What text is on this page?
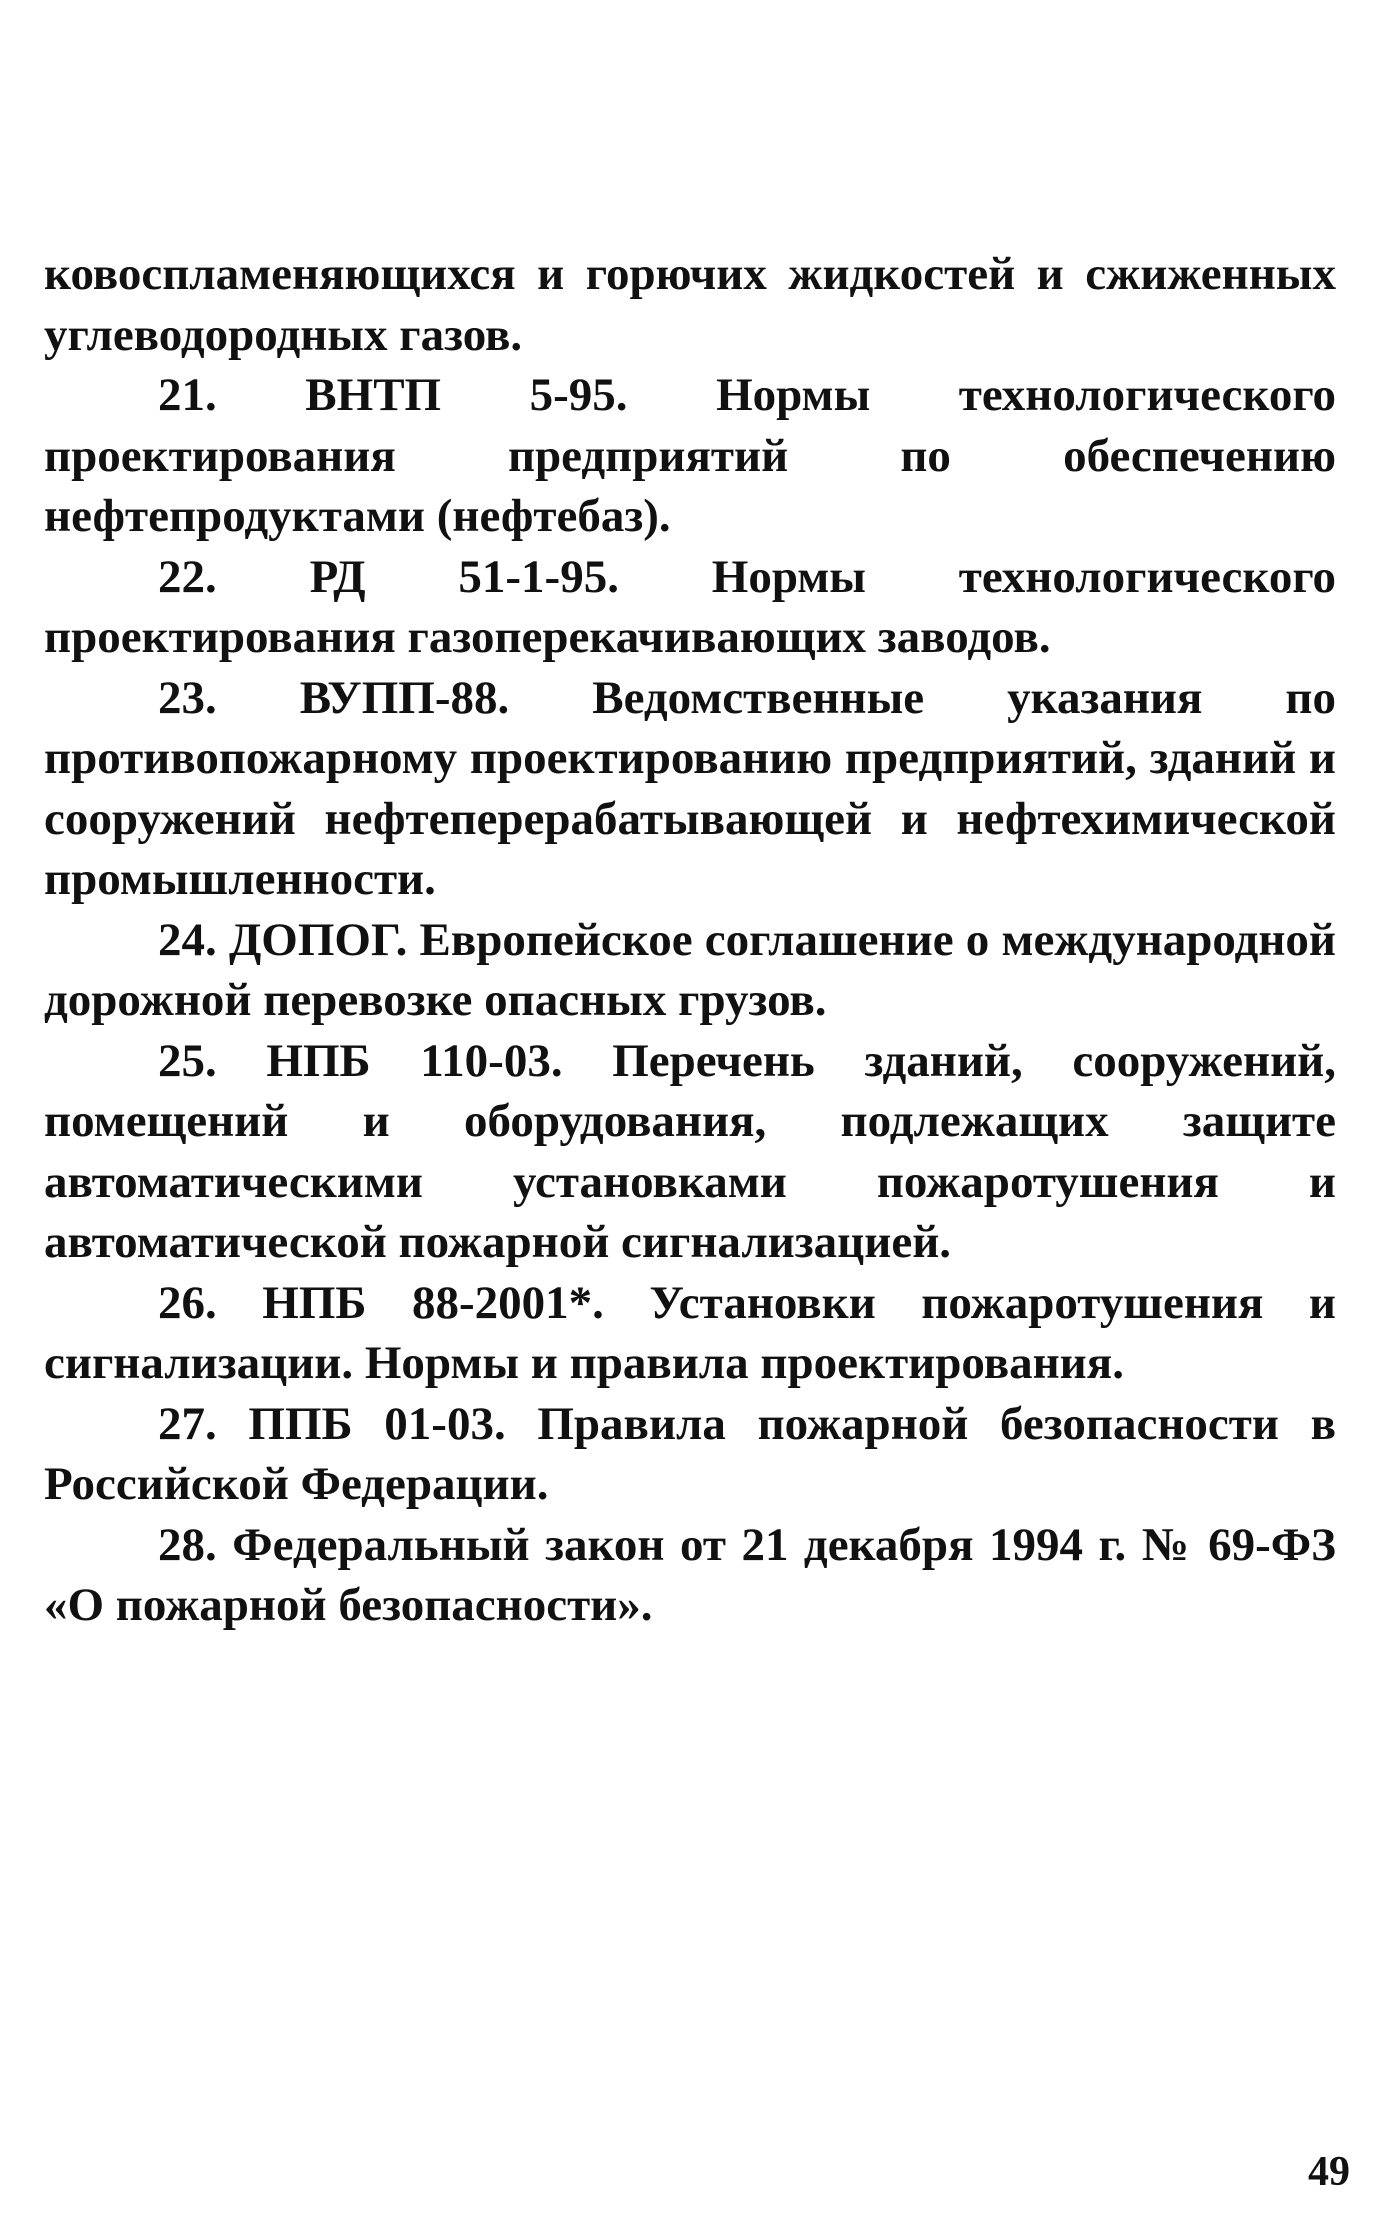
ковоспламеняющихся и горючих жидкостей и сжиженных углеводородных газов.

21. ВНТП 5-95. Нормы технологического проектирования предприятий по обеспечению нефтепродуктами (нефтебаз).

22. РД 51-1-95. Нормы технологического проектирования газоперекачивающих заводов.

23. ВУПП-88. Ведомственные указания по противопожарному проектированию предприятий, зданий и сооружений нефтеперерабатывающей и нефтехимической промышленности.

24. ДОПОГ. Европейское соглашение о международной дорожной перевозке опасных грузов.

25. НПБ 110-03. Перечень зданий, сооружений, помещений и оборудования, подлежащих защите автоматическими установками пожаротушения и автоматической пожарной сигнализацией.

26. НПБ 88-2001*. Установки пожаротушения и сигнализации. Нормы и правила проектирования.

27. ППБ 01-03. Правила пожарной безопасности в Российской Федерации.

28. Федеральный закон от 21 декабря 1994 г. № 69-ФЗ «О пожарной безопасности».

49
